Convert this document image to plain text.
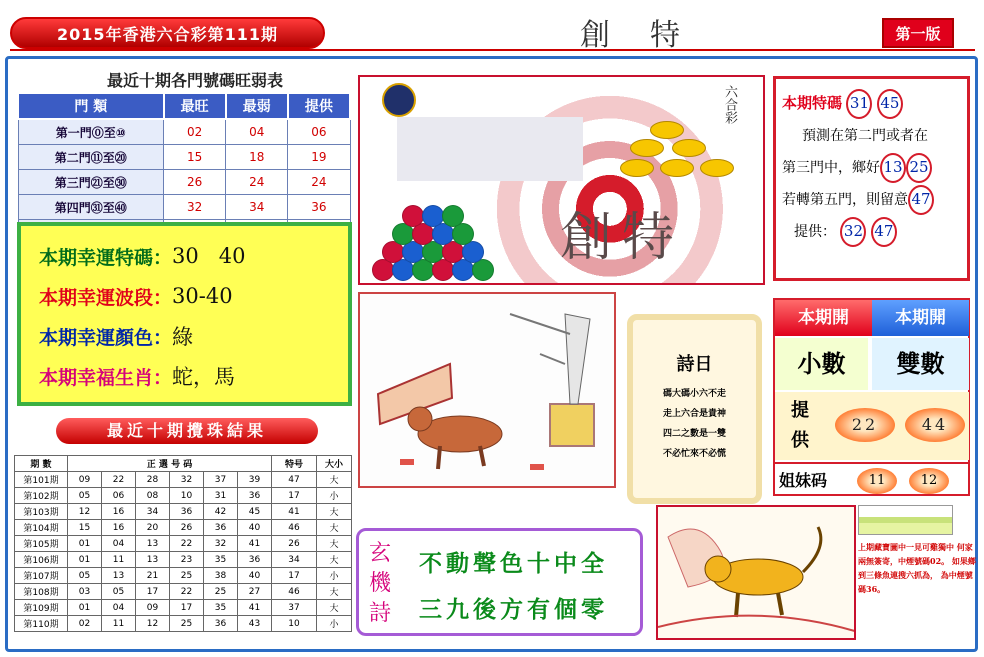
2015年香港六合彩第111期	創特	第一版
最近十期各門號碼旺弱表
門 類	最旺	最弱	提供
第一門⓪至⑩	02	04	06
第二門⑪至⑳	15	18	19
第三門㉑至㉚	26	24	24
第四門㉛至㊵	32	34	36

本期幸運特碼： 30   40
本期幸運波段： 30-40
本期幸運顏色： 綠
本期幸福生肖： 蛇，馬
最近十期攪珠結果
期 數	正 選 号 码						特号	大小
第101期	09	22	28	32	37	39	47	大
第102期	05	06	08	10	31	36	17	小
第103期	12	16	34	36	42	45	41	大
第104期	15	16	20	26	36	40	46	大
第105期	01	04	13	22	32	41	26	大
第106期	01	11	13	23	35	36	34	大
第107期	05	13	21	25	38	40	17	小
第108期	03	05	17	22	25	27	46	大
第109期	01	04	09	17	35	41	37	大
第110期	02	11	12	25	36	43	10	小
六合彩
創特
本期特碼 31 45
預測在第二門或者在
第三門中，鄉好 13 25
若轉第五門，則留意 47
提供： 32 47
詩日
碼大碼小六不走
走上六合是貴神
四二之數是一雙
不必忙來不必慌
本期開	本期開
小數	雙數
提供
22	44
姐妹码	11	12
玄機詩
不動聲色十中全
三九後方有個零
上期藏寶圖中一見可雞獨中 何家兩無簽寄，中煙號碼02。 如果鄉到三條魚連搜六抓為， 為中煙號碼36。
